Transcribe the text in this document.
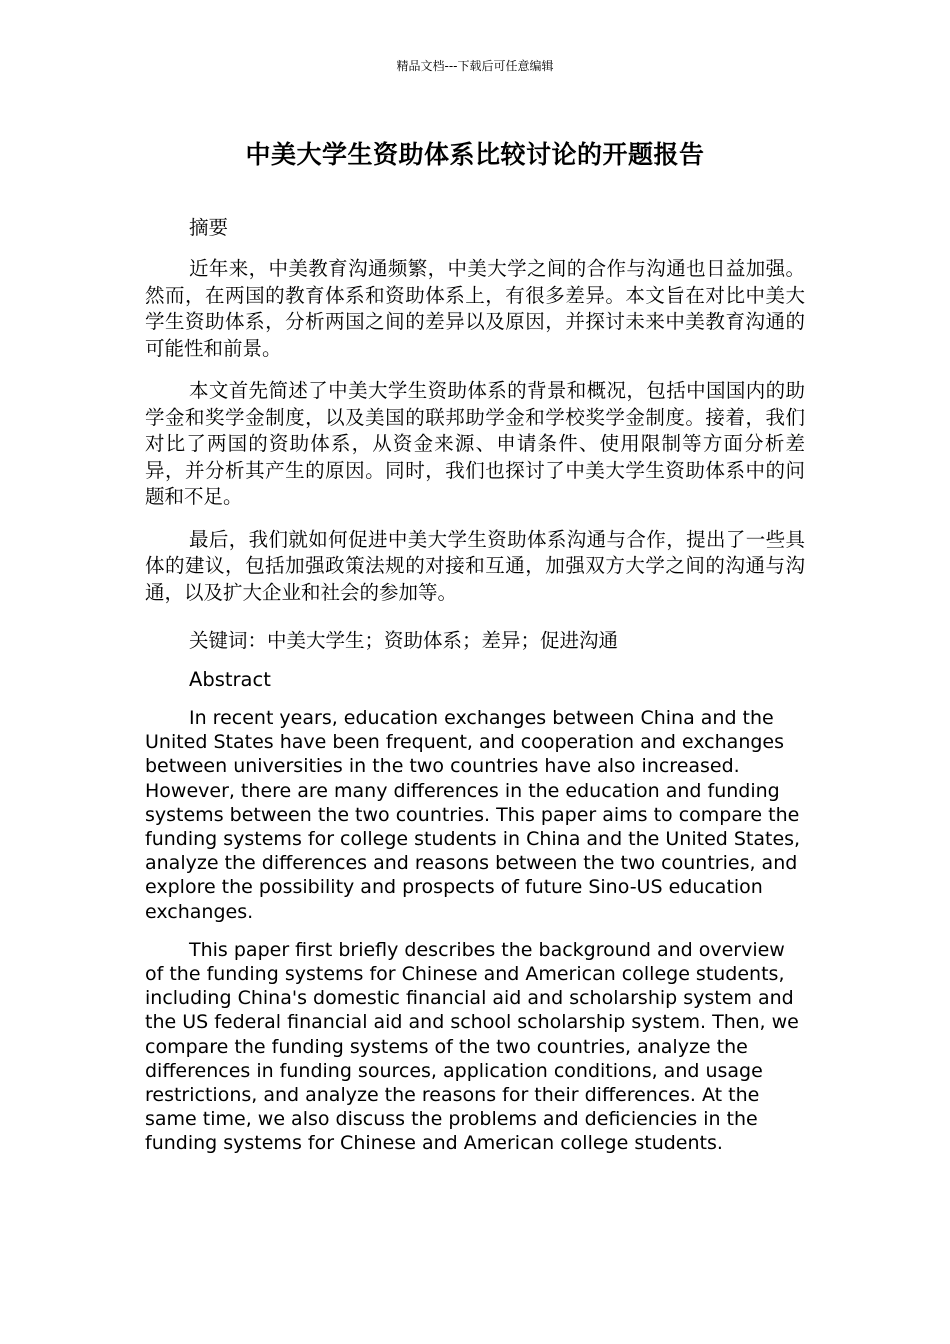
精品文档---下载后可任意编辑
中美大学生资助体系比较讨论的开题报告
摘要

近年来，中美教育沟通频繁，中美大学之间的合作与沟通也日益加强。然而，在两国的教育体系和资助体系上，有很多差异。本文旨在对比中美大学生资助体系，分析两国之间的差异以及原因，并探讨未来中美教育沟通的可能性和前景。

本文首先简述了中美大学生资助体系的背景和概况，包括中国国内的助学金和奖学金制度，以及美国的联邦助学金和学校奖学金制度。接着，我们对比了两国的资助体系，从资金来源、申请条件、使用限制等方面分析差异，并分析其产生的原因。同时，我们也探讨了中美大学生资助体系中的问题和不足。

最后，我们就如何促进中美大学生资助体系沟通与合作，提出了一些具体的建议，包括加强政策法规的对接和互通，加强双方大学之间的沟通与沟通，以及扩大企业和社会的参加等。

关键词：中美大学生；资助体系；差异；促进沟通
Abstract

In recent years, education exchanges between China and the United States have been frequent, and cooperation and exchanges between universities in the two countries have also increased. However, there are many differences in the education and funding systems between the two countries. This paper aims to compare the funding systems for college students in China and the United States, analyze the differences and reasons between the two countries, and explore the possibility and prospects of future Sino-US education exchanges.

This paper first briefly describes the background and overview of the funding systems for Chinese and American college students, including China's domestic financial aid and scholarship system and the US federal financial aid and school scholarship system. Then, we compare the funding systems of the two countries, analyze the differences in funding sources, application conditions, and usage restrictions, and analyze the reasons for their differences. At the same time, we also discuss the problems and deficiencies in the funding systems for Chinese and American college students.
